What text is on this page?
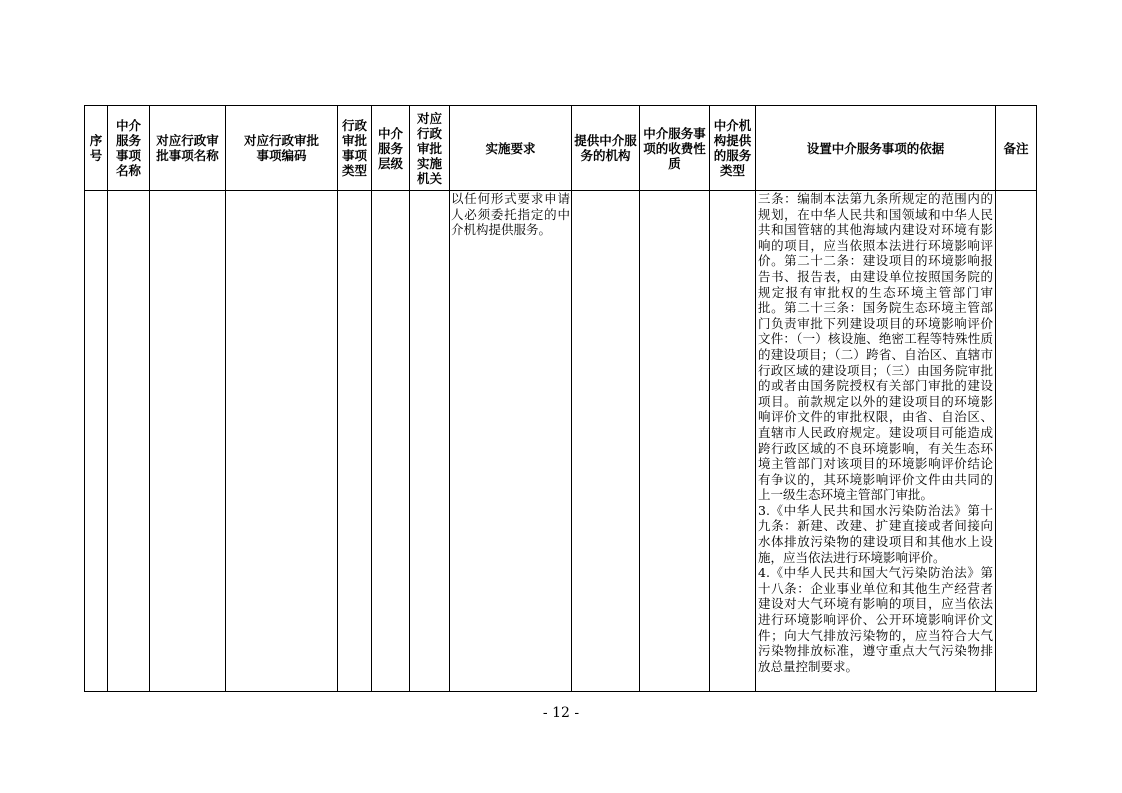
序
号	中介
服务
事项
名称	对应行政审
批事项名称	对应行政审批
事项编码	行政
审批
事项
类型	中介
服务
层级	对应
行政
审批
实施
机关	实施要求	提供中介服
务的机构	中介服务事
项的收费性
质	中介机
构提供
的服务
类型	设置中介服务事项的依据	备注

							以任何形式要求申请人必须委托指定的中介机构提供服务。				三条：编制本法第九条所规定的范围内的规划，在中华人民共和国领域和中华人民共和国管辖的其他海域内建设对环境有影响的项目，应当依照本法进行环境影响评价。第二十二条：建设项目的环境影响报告书、报告表，由建设单位按照国务院的规定报有审批权的生态环境主管部门审批。第二十三条：国务院生态环境主管部门负责审批下列建设项目的环境影响评价文件：（一）核设施、绝密工程等特殊性质的建设项目；（二）跨省、自治区、直辖市行政区域的建设项目；（三）由国务院审批的或者由国务院授权有关部门审批的建设项目。前款规定以外的建设项目的环境影响评价文件的审批权限，由省、自治区、直辖市人民政府规定。建设项目可能造成跨行政区域的不良环境影响，有关生态环境主管部门对该项目的环境影响评价结论有争议的，其环境影响评价文件由共同的上一级生态环境主管部门审批。

3.《中华人民共和国水污染防治法》第十九条：新建、改建、扩建直接或者间接向水体排放污染物的建设项目和其他水上设施，应当依法进行环境影响评价。

4.《中华人民共和国大气污染防治法》第十八条：企业事业单位和其他生产经营者建设对大气环境有影响的项目，应当依法进行环境影响评价、公开环境影响评价文件；向大气排放污染物的，应当符合大气污染物排放标准，遵守重点大气污染物排放总量控制要求。	

- 12 -
